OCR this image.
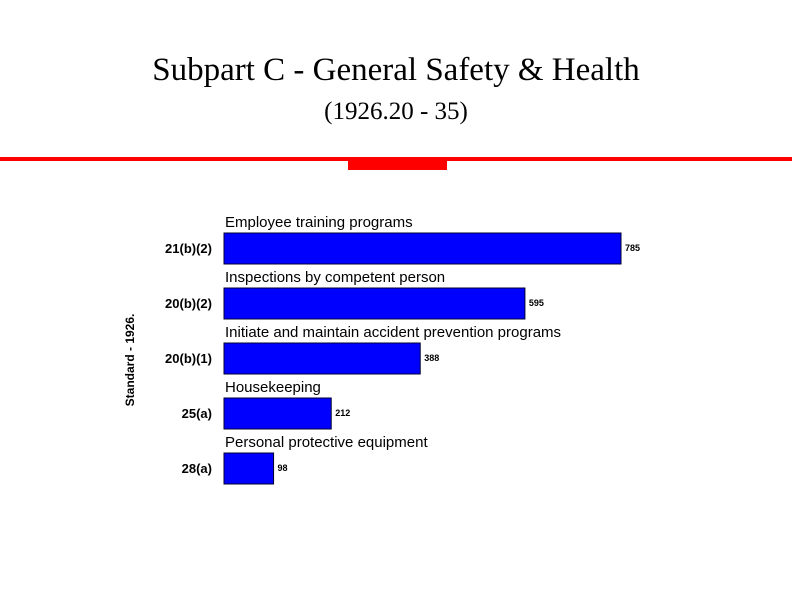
Subpart C - General Safety & Health
(1926.20 - 35)
Standard - 1926.
Employee training programs
21(b)(2)	785
Inspections by competent person
20(b)(2)	595
Initiate and maintain accident prevention programs
20(b)(1)	388
Housekeeping
25(a)	212
Personal protective equipment
28(a)	98
